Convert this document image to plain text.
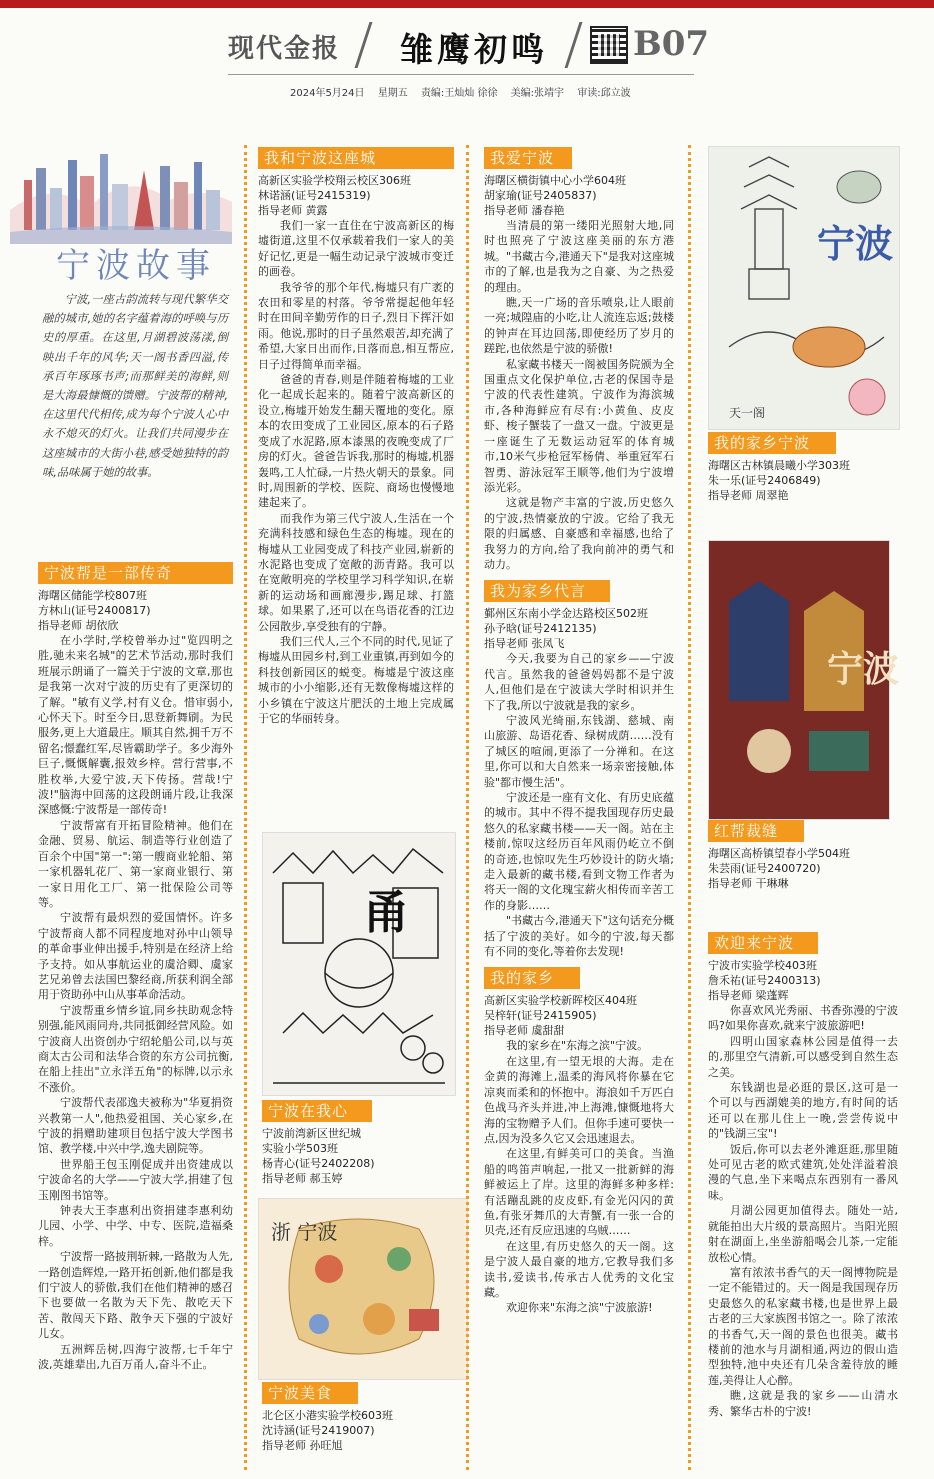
现代金报 雏鹰初鸣	B07
2024年5月24日 星期五 责编:王灿灿 徐徐 美编:张靖宇 审读:邱立波
宁波故事
宁波,一座古韵流转与现代繁华交融的城市,她的名字蕴着海的呼唤与历史的厚重。在这里,月湖碧波荡漾,倒映出千年的风华;天一阁书香四溢,传承百年琢琢书声;而那鲜美的海鲜,则是大海最慷慨的馈赠。宁波帮的精神,在这里代代相传,成为每个宁波人心中永不熄灭的灯火。让我们共同漫步在这座城市的大街小巷,感受她独特的韵味,品味属于她的故事。
宁波帮是一部传奇
海曙区储能学校807班
方林山(证号2400817)
指导老师 胡依欣

在小学时,学校曾举办过"览四明之胜,驰未来名城"的艺术节活动,那时我们班展示朗诵了一篇关于宁波的文章,那也是我第一次对宁波的历史有了更深切的了解。"敏有义学,村有义仓。惜审弱小,心怀天下。时至今日,思登新舞刷。为民服务,更上大道最庄。顺其自然,拥千万不留名;憬蠢红军,尽皆霸助学子。多少海外巨子,慨慨解囊,报效乡梓。营行营事,不胜枚举,大爱宁波,天下传扬。营哉!宁波!"脑海中回荡的这段朗诵片段,让我深深感慨:宁波帮是一部传奇!

宁波帮富有开拓冒险精神。他们在金融、贸易、航运、制造等行业创造了百余个中国"第一":第一艘商业轮船、第一家机器轧花厂、第一家商业银行、第一家日用化工厂、第一批保险公司等等。

宁波帮有最炽烈的爱国情怀。许多宁波帮商人都不同程度地对孙中山领导的革命事业伸出援手,特别是在经济上给予支持。如从事航运业的虞洽卿、虞家艺兄弟曾去法国巴黎经商,所获利润全部用于资助孙中山从事革命活动。

宁波帮重乡情乡谊,同乡扶助观念特别强,能风雨同舟,共同抵御经营风险。如宁波商人出资创办宁绍轮船公司,以与英商太古公司和法华合资的东方公司抗衡,在船上挂出"立永洋五角"的标牌,以示永不涨价。

宁波帮代表邵逸夫被称为"华夏捐资兴教第一人",他热爱祖国、关心家乡,在宁波的捐赠助建项目包括宁波大学图书馆、教学楼,中兴中学,逸夫剧院等。

世界船王包玉刚促成并出资建成以宁波命名的大学——宁波大学,捐建了包玉刚图书馆等。

钟表大王李惠利出资捐建李惠利幼儿园、小学、中学、中专、医院,造福桑梓。

宁波帮一路披荆斩棘,一路散为人先,一路创造辉煌,一路开拓创新,他们都是我们宁波人的骄傲,我们在他们精神的感召下也要做一名散为天下先、散吃天下苦、散闯天下路、散争天下强的宁波好儿女。

五洲辉岳树,四海宁波帮,七千年宁波,英雄辈出,九百万甬人,奋斗不止。

我和宁波这座城
高新区实验学校翔云校区306班
林诺涵(证号2415319)
指导老师 黄露

我们一家一直住在宁波高新区的梅墟街道,这里不仅承载着我们一家人的美好记忆,更是一幅生动记录宁波城市变迁的画卷。

我爷爷的那个年代,梅墟只有广袤的农田和零星的村落。爷爷常提起他年轻时在田间辛勤劳作的日子,烈日下挥汗如雨。他说,那时的日子虽然艰苦,却充满了希望,大家日出而作,日落而息,相互帮应,日子过得简单而幸福。

爸爸的青春,则是伴随着梅墟的工业化一起成长起来的。随着宁波高新区的设立,梅墟开始发生翻天覆地的变化。原本的农田变成了工业园区,原本的石子路变成了水泥路,原本漆黑的夜晚变成了厂房的灯火。爸爸告诉我,那时的梅墟,机器轰鸣,工人忙碌,一片热火朝天的景象。同时,周围新的学校、医院、商场也慢慢地建起来了。

而我作为第三代宁波人,生活在一个充满科技感和绿色生态的梅墟。现在的梅墟从工业园变成了科技产业园,崭新的水泥路也变成了宽敞的沥青路。我可以在宽敞明亮的学校里学习科学知识,在崭新的运动场和画廊漫步,踢足球、打篮球。如果累了,还可以在鸟语花香的江边公园散步,享受独有的宁静。

我们三代人,三个不同的时代,见证了梅墟从田园乡村,到工业重镇,再到如今的科技创新园区的蜕变。梅墟是宁波这座城市的小小缩影,还有无数像梅墟这样的小乡镇在宁波这片肥沃的土地上完成属于它的华丽转身。

甬
宁波在我心
宁波前湾新区世纪城
实验小学503班
杨青心(证号2402208)
指导老师 郝玉婷
浙 宁波
宁波美食
北仑区小港实验学校603班
沈诗涵(证号2419007)
指导老师 孙旺旭
我爱宁波
海曙区横街镇中心小学604班
胡家瑜(证号2405837)
指导老师 潘春艳

当清晨的第一缕阳光照射大地,同时也照亮了宁波这座美丽的东方港城。"书藏古今,港通天下"是我对这座城市的了解,也是我为之自豪、为之热爱的理由。

瞧,天一广场的音乐喷泉,让人眼前一亮;城隍庙的小吃,让人流连忘返;鼓楼的钟声在耳边回荡,即使经历了岁月的蹉跎,也依然是宁波的骄傲!

私家藏书楼天一阁被国务院颁为全国重点文化保护单位,古老的保国寺是宁波的代表性建筑。宁波作为海滨城市,各种海鲜应有尽有:小黄鱼、皮皮虾、梭子蟹装了一盘又一盘。宁波更是一座诞生了无数运动冠军的体育城市,10米气步枪冠军杨倩、举重冠军石智勇、游泳冠军王顺等,他们为宁波增添光彩。

这就是物产丰富的宁波,历史悠久的宁波,热情豪放的宁波。它给了我无限的归属感、自豪感和幸福感,也给了我努力的方向,给了我向前冲的勇气和动力。

我为家乡代言
鄞州区东南小学金达路校区502班
孙予晗(证号2412135)
指导老师 张凤飞

今天,我要为自己的家乡——宁波代言。虽然我的爸爸妈妈都不是宁波人,但他们是在宁波读大学时相识并生下了我,所以宁波就是我的家乡。

宁波风光绮丽,东钱湖、慈城、南山旅游、岛语花香、绿树成荫……没有了城区的喧闹,更添了一分禅和。在这里,你可以和大自然来一场亲密接触,体验"都市慢生活"。

宁波还是一座有文化、有历史底蕴的城市。其中不得不提我国现存历史最悠久的私家藏书楼——天一阁。站在主楼前,惊叹这经历百年风雨仍屹立不倒的奇迹,也惊叹先生巧妙设计的防火墙;走入最新的藏书楼,看到文物工作者为将天一阁的文化瑰宝薪火相传而辛苦工作的身影……

"书藏古今,港通天下"这句话充分概括了宁波的美好。如今的宁波,每天都有不同的变化,等着你去发现!

我的家乡
高新区实验学校新晖校区404班
吴梓轩(证号2415905)
指导老师 虞甜甜

我的家乡在"东海之滨"宁波。

在这里,有一望无垠的大海。走在金黄的海滩上,温柔的海风将你暴在它凉爽而柔和的怀抱中。海浪如千万匹白色战马齐头并进,冲上海滩,慷慨地将大海的宝物赠予人们。但你手速可要快一点,因为没多久它又会迅速退去。

在这里,有鲜美可口的美食。当渔船的鸣笛声响起,一批又一批新鲜的海鲜被运上了岸。这里的海鲜多种多样:有活蹦乱跳的皮皮虾,有金光闪闪的黄鱼,有张牙舞爪的大青蟹,有一张一合的贝壳,还有反应迅速的乌贼……

在这里,有历史悠久的天一阁。这是宁波人最自豪的地方,它教导我们多读书,爱读书,传承古人优秀的文化宝藏。

欢迎你来"东海之滨"宁波旅游!

宁波
天一阁
我的家乡宁波
海曙区古林镇晨曦小学303班
朱一乐(证号2406849)
指导老师 周翠艳
宁波
红帮裁缝
海曙区高桥镇望春小学504班
朱芸雨(证号2400720)
指导老师 干琳琳
欢迎来宁波
宁波市实验学校403班
詹禾祐(证号2400313)
指导老师 梁蓬辉

你喜欢风光秀丽、书香弥漫的宁波吗?如果你喜欢,就来宁波旅游吧!

四明山国家森林公园是值得一去的,那里空气清新,可以感受到自然生态之美。

东钱湖也是必逛的景区,这可是一个可以与西湖媲美的地方,有时间的话还可以在那儿住上一晚,尝尝传说中的"钱湖三宝"!

饭后,你可以去老外滩逛逛,那里随处可见古老的欧式建筑,处处洋溢着浪漫的气息,坐下来喝点东西别有一番风味。

月湖公园更加值得去。随处一站,就能拍出大片级的景高照片。当阳光照射在湖面上,坐坐游船喝会儿茶,一定能放松心情。

富有浓浓书香气的天一阁博物院是一定不能错过的。天一阁是我国现存历史最悠久的私家藏书楼,也是世界上最古老的三大家族图书馆之一。除了浓浓的书香气,天一阁的景色也很美。藏书楼前的池水与月湖相通,两边的假山造型独特,池中央还有几朵含羞待放的睡莲,美得让人心醉。

瞧,这就是我的家乡——山清水秀、繁华古朴的宁波!
